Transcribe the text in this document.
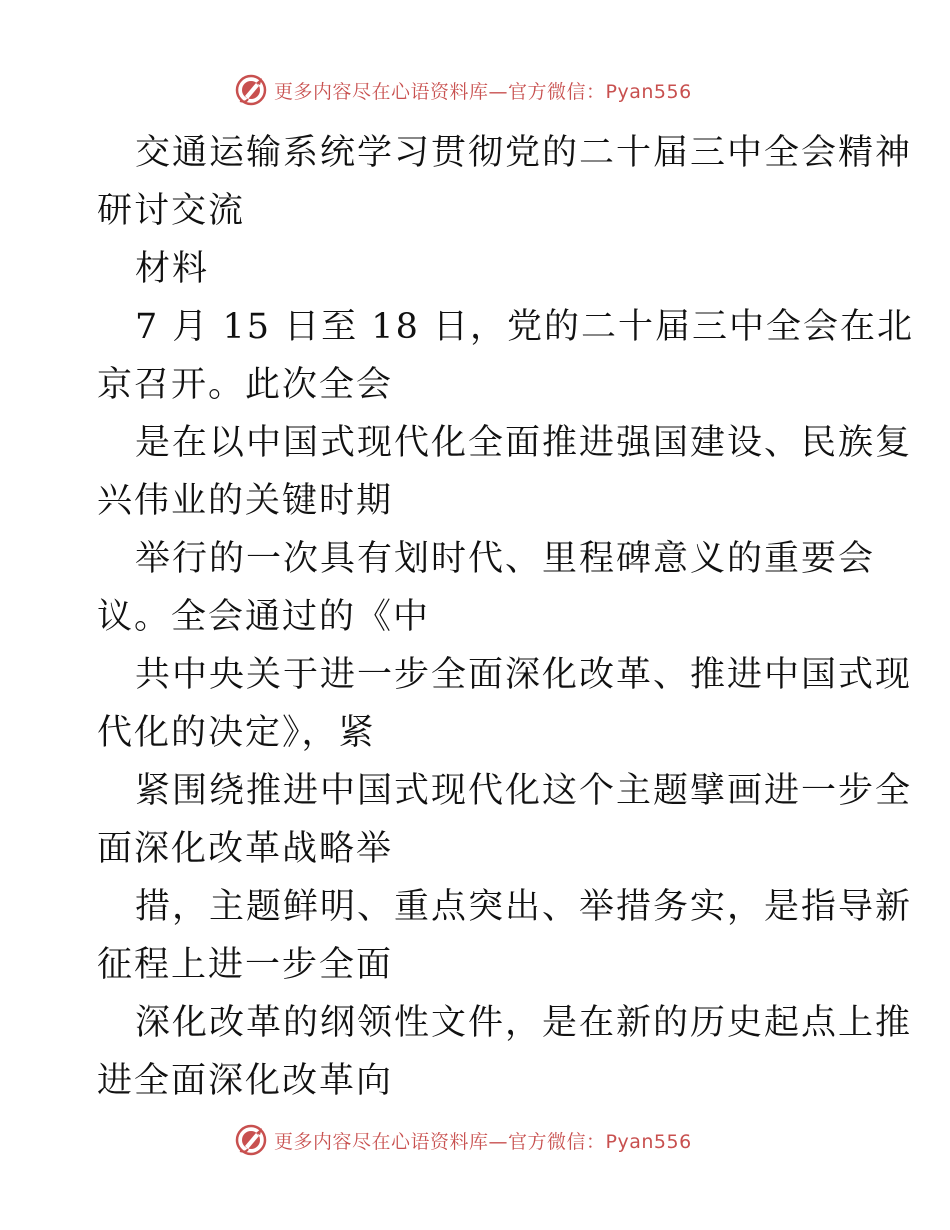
更多内容尽在心语资料库—官方微信：Pyan556
交通运输系统学习贯彻党的二十届三中全会精神
研讨交流
材料
7 月 15 日至 18 日，党的二十届三中全会在北
京召开。此次全会
是在以中国式现代化全面推进强国建设、民族复
兴伟业的关键时期
举行的一次具有划时代、里程碑意义的重要会
议。全会通过的《中
共中央关于进一步全面深化改革、推进中国式现
代化的决定》，紧
紧围绕推进中国式现代化这个主题擘画进一步全
面深化改革战略举
措，主题鲜明、重点突出、举措务实，是指导新
征程上进一步全面
深化改革的纲领性文件，是在新的历史起点上推
进全面深化改革向
更多内容尽在心语资料库—官方微信：Pyan556
